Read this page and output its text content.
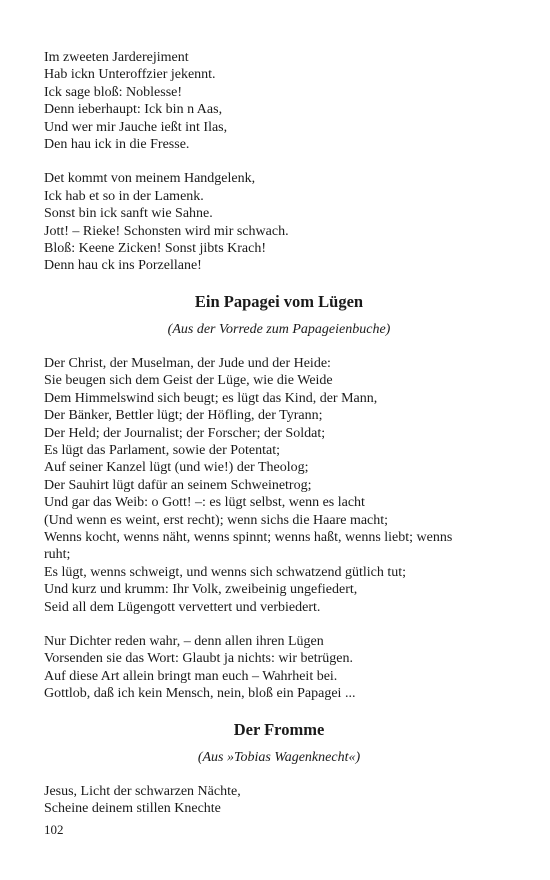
Im zweeten Jarderejiment
Hab ickn Unteroffzier jekennt.
Ick sage bloß: Noblesse!
Denn ieberhaupt: Ick bin n Aas,
Und wer mir Jauche ießt int Ilas,
Den hau ick in die Fresse.
Det kommt von meinem Handgelenk,
Ick hab et so in der Lamenk.
Sonst bin ick sanft wie Sahne.
Jott! – Rieke! Schonsten wird mir schwach.
Bloß: Keene Zicken! Sonst jibts Krach!
Denn hau ck ins Porzellane!
Ein Papagei vom Lügen
(Aus der Vorrede zum Papageienbuche)
Der Christ, der Muselman, der Jude und der Heide:
Sie beugen sich dem Geist der Lüge, wie die Weide
Dem Himmelswind sich beugt; es lügt das Kind, der Mann,
Der Bänker, Bettler lügt; der Höfling, der Tyrann;
Der Held; der Journalist; der Forscher; der Soldat;
Es lügt das Parlament, sowie der Potentat;
Auf seiner Kanzel lügt (und wie!) der Theolog;
Der Sauhirt lügt dafür an seinem Schweinetrog;
Und gar das Weib: o Gott! –: es lügt selbst, wenn es lacht
(Und wenn es weint, erst recht); wenn sichs die Haare macht;
Wenns kocht, wenns näht, wenns spinnt; wenns haßt, wenns liebt; wenns
ruht;
Es lügt, wenns schweigt, und wenns sich schwatzend gütlich tut;
Und kurz und krumm: Ihr Volk, zweibeinig ungefiedert,
Seid all dem Lügengott vervettert und verbiedert.
Nur Dichter reden wahr, – denn allen ihren Lügen
Vorsenden sie das Wort: Glaubt ja nichts: wir betrügen.
Auf diese Art allein bringt man euch – Wahrheit bei.
Gottlob, daß ich kein Mensch, nein, bloß ein Papagei ...
Der Fromme
(Aus »Tobias Wagenknecht«)
Jesus, Licht der schwarzen Nächte,
Scheine deinem stillen Knechte
102
